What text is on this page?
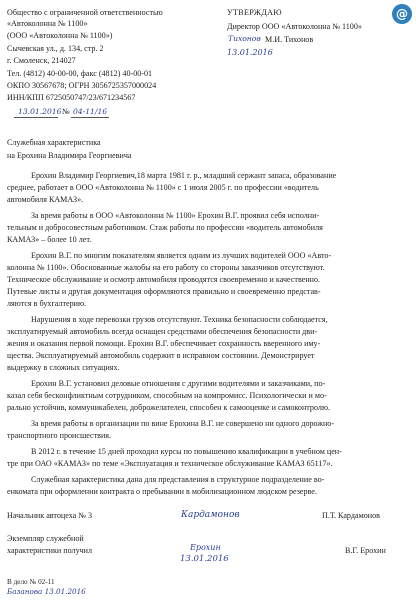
@
Общество с ограниченной ответственностью
«Автоколонна № 1100»
(ООО «Автоколонна № 1100»)
Сычевская ул., д. 134, стр. 2
г. Смоленск, 214027
Тел. (4812) 40-00-00, факс (4812) 40-00-01
ОКПО 30567678; ОГРН 3056725357000024
ИНН/КПП 6725050747/23/671234567
13.01.2016 № 04-11/16
УТВЕРЖДАЮ
Директор ООО «Автоколонна № 1100»
Тихонов М.И. Тихонов
13.01.2016
Служебная характеристика
на Ерохина Владимира Георгиевича
Ерохин Владимир Георгиевич,18 марта 1981 г. р., младший сержант запаса, образование
среднее, работает в ООО «Автоколонна № 1100» с 1 июля 2005 г. по профессии «водитель
автомобиля КАМАЗ».
За время работы в ООО «Автоколонна № 1100» Ерохин В.Г. проявил себя исполни-
тельным и добросовестным работником. Стаж работы по профессии «водитель автомобиля
КАМАЗ» – более 10 лет.
Ерохин В.Г. по многим показателям является одним из лучших водителей ООО «Авто-
колонна № 1100». Обоснованные жалобы на его работу со стороны заказчиков отсутствуют.
Техническое обслуживание и осмотр автомобиля проводятся своевременно и качественно.
Путевые листы и другая документация оформляются правильно и своевременно представ-
ляются в бухгалтерию.
Нарушения в ходе перевозки грузов отсутствуют. Техника безопасности соблюдается,
эксплуатируемый автомобиль всегда оснащен средствами обеспечения безопасности дви-
жения и оказания первой помощи. Ерохин В.Г. обеспечивает сохранность вверенного иму-
щества. Эксплуатируемый автомобиль содержит в исправном состоянии. Демонстрирует
выдержку в сложных ситуациях.
Ерохин В.Г. установил деловые отношения с другими водителями и заказчиками, по-
казал себя бесконфликтным сотрудником, способным на компромисс. Психологически и мо-
рально устойчив, коммуникабелен, доброжелателен, способен к самооценке и самоконтролю.
За время работы в организации по вине Ерохина В.Г. не совершено ни одного дорожно-
транспортного происшествия.
В 2012 г. в течение 15 дней проходил курсы по повышению квалификации в учебном цен-
тре при ОАО «КАМАЗ» по теме «Эксплуатация и техническое обслуживание КАМАЗ 65117».
Служебная характеристика дана для представления в структурное подразделение во-
енкомата при оформлении контракта о пребывании в мобилизационном людском резерве.
Начальник автоцеха № 3	Кардамонов	П.Т. Кардамонов
Экземпляр служебной
характеристики получил	Ерохин
13.01.2016
В.Г. Ерохин
В дело № 02-11
Базанова 13.01.2016
